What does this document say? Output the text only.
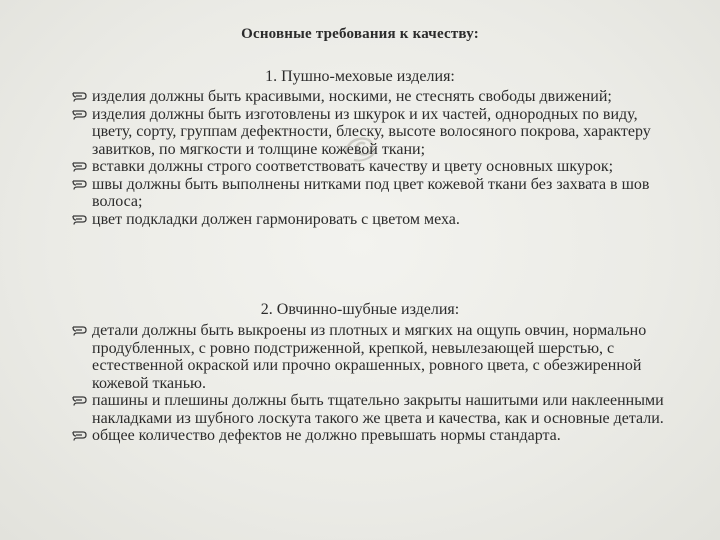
Основные требования к качеству:
1. Пушно-меховые изделия:
изделия должны быть красивыми, носкими, не стеснять свободы движений;
изделия должны быть изготовлены из шкурок и их частей, однородных по виду, цвету, сорту, группам дефектности, блеску, высоте волосяного покрова, характеру завитков, по мягкости и толщине кожевой ткани;
вставки должны строго соответствовать качеству и цвету основных шкурок;
швы должны быть выполнены нитками под цвет кожевой ткани без захвата в шов волоса;
цвет подкладки должен гармонировать с цветом меха.
2. Овчинно-шубные изделия:
детали должны быть выкроены из плотных и мягких на ощупь овчин, нормально продубленных, с ровно подстриженной, крепкой, невылезающей шерстью, с естественной окраской или прочно окрашенных, ровного цвета, с обезжиренной кожевой тканью.
пашины и плешины должны быть тщательно закрыты нашитыми или наклеенными накладками из шубного лоскута такого же цвета и качества, как и основные детали.
общее количество дефектов не должно превышать нормы стандарта.
